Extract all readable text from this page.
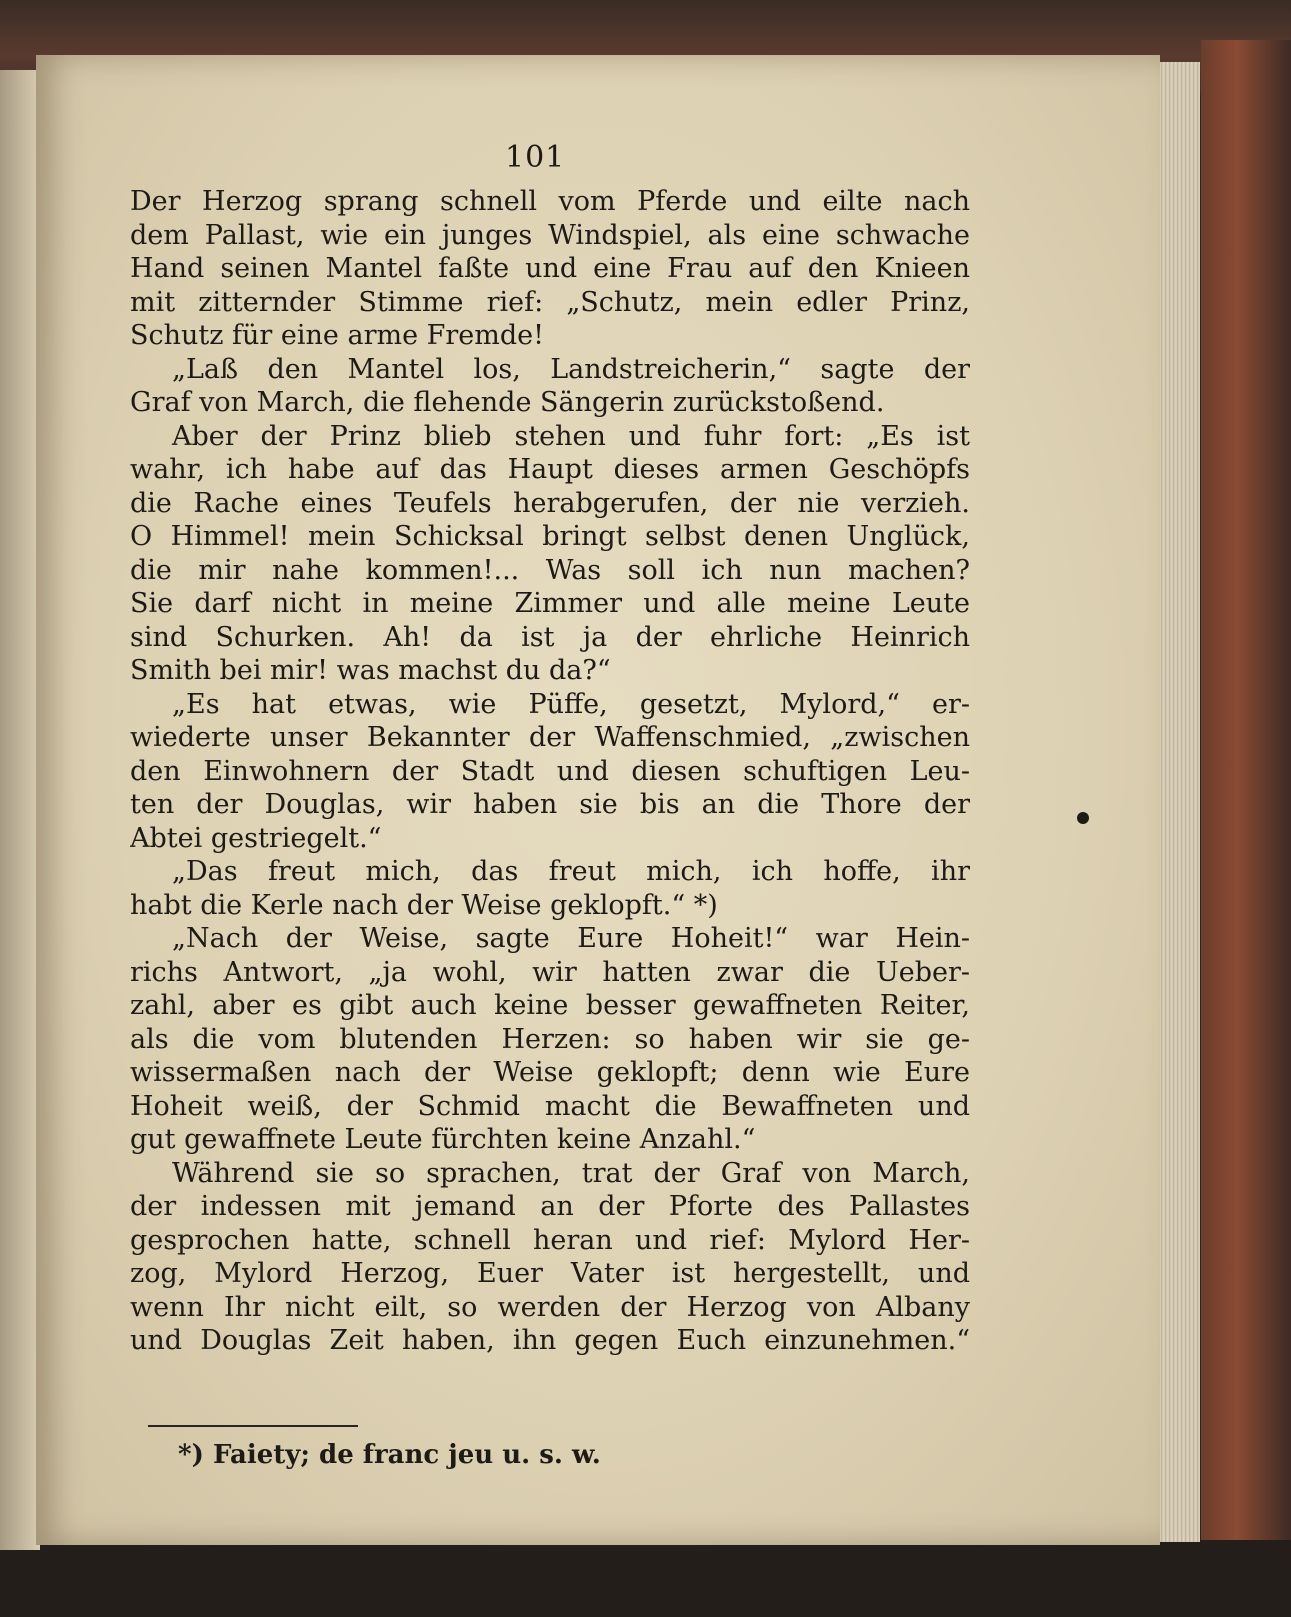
101
Der Herzog sprang schnell vom Pferde und eilte nach
dem Pallast, wie ein junges Windspiel, als eine schwache
Hand seinen Mantel faßte und eine Frau auf den Knieen
mit zitternder Stimme rief: „Schutz, mein edler Prinz,
Schutz für eine arme Fremde!
„Laß den Mantel los, Landstreicherin,“ sagte der
Graf von March, die flehende Sängerin zurückstoßend.
Aber der Prinz blieb stehen und fuhr fort: „Es ist
wahr, ich habe auf das Haupt dieses armen Geschöpfs
die Rache eines Teufels herabgerufen, der nie verzieh.
O Himmel! mein Schicksal bringt selbst denen Unglück,
die mir nahe kommen!... Was soll ich nun machen?
Sie darf nicht in meine Zimmer und alle meine Leute
sind Schurken. Ah! da ist ja der ehrliche Heinrich
Smith bei mir! was machst du da?“
„Es hat etwas, wie Püffe, gesetzt, Mylord,“ er-
wiederte unser Bekannter der Waffenschmied, „zwischen
den Einwohnern der Stadt und diesen schuftigen Leu-
ten der Douglas, wir haben sie bis an die Thore der
Abtei gestriegelt.“
„Das freut mich, das freut mich, ich hoffe, ihr
habt die Kerle nach der Weise geklopft.“ *)
„Nach der Weise, sagte Eure Hoheit!“ war Hein-
richs Antwort, „ja wohl, wir hatten zwar die Ueber-
zahl, aber es gibt auch keine besser gewaffneten Reiter,
als die vom blutenden Herzen: so haben wir sie ge-
wissermaßen nach der Weise geklopft; denn wie Eure
Hoheit weiß, der Schmid macht die Bewaffneten und
gut gewaffnete Leute fürchten keine Anzahl.“
Während sie so sprachen, trat der Graf von March,
der indessen mit jemand an der Pforte des Pallastes
gesprochen hatte, schnell heran und rief: Mylord Her-
zog, Mylord Herzog, Euer Vater ist hergestellt, und
wenn Ihr nicht eilt, so werden der Herzog von Albany
und Douglas Zeit haben, ihn gegen Euch einzunehmen.“
*) Faiety; de franc jeu u. s. w.
